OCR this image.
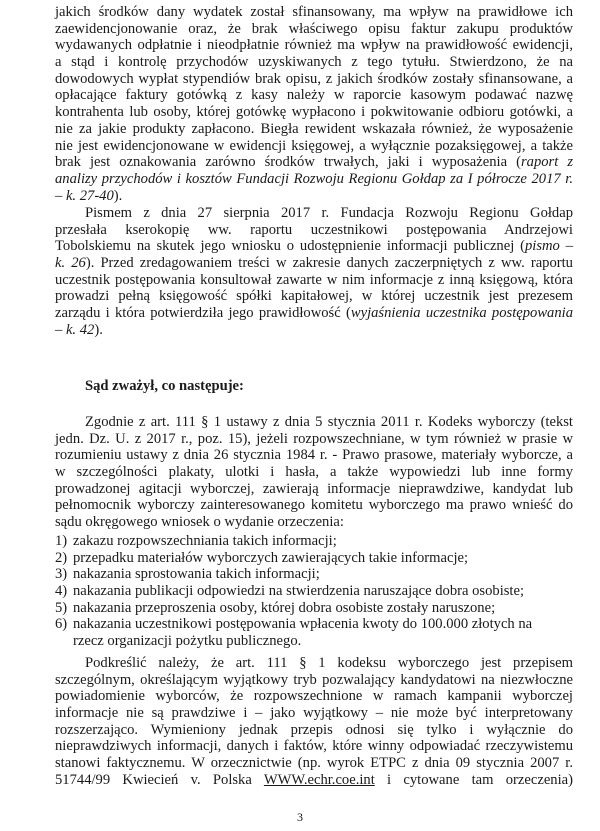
jakich środków dany wydatek został sfinansowany, ma wpływ na prawidłowe ich
zaewidencjonowanie oraz, że brak właściwego opisu faktur zakupu produktów
wydawanych odpłatnie i nieodpłatnie również ma wpływ na prawidłowość ewidencji,
a stąd i kontrolę przychodów uzyskiwanych z tego tytułu. Stwierdzono, że na
dowodowych wypłat stypendiów brak opisu, z jakich środków zostały sfinansowane, a
opłacające faktury gotówką z kasy należy w raporcie kasowym podawać nazwę
kontrahenta lub osoby, której gotówkę wypłacono i pokwitowanie odbioru gotówki, a
nie za jakie produkty zapłacono. Biegła rewident wskazała również, że wyposażenie
nie jest ewidencjonowane w ewidencji księgowej, a wyłącznie pozaksięgowej, a także
brak jest oznakowania zarówno środków trwałych, jaki i wyposażenia (raport z
analizy przychodów i kosztów Fundacji Rozwoju Regionu Gołdap za I półrocze 2017 r.
– k. 27-40).
Pismem z dnia 27 sierpnia 2017 r. Fundacja Rozwoju Regionu Gołdap
przesłała kserokopię ww. raportu uczestnikowi postępowania Andrzejowi
Tobolskiemu na skutek jego wniosku o udostępnienie informacji publicznej (pismo –
k. 26). Przed zredagowaniem treści w zakresie danych zaczerpniętych z ww. raportu
uczestnik postępowania konsultował zawarte w nim informacje z inną księgową, która
prowadzi pełną księgowość spółki kapitałowej, w której uczestnik jest prezesem
zarządu i która potwierdziła jego prawidłowość (wyjaśnienia uczestnika postępowania
– k. 42).
Sąd zważył, co następuje:
Zgodnie z art. 111 § 1 ustawy z dnia 5 stycznia 2011 r. Kodeks wyborczy (tekst
jedn. Dz. U. z 2017 r., poz. 15), jeżeli rozpowszechniane, w tym również w prasie w
rozumieniu ustawy z dnia 26 stycznia 1984 r. - Prawo prasowe, materiały wyborcze, a
w szczególności plakaty, ulotki i hasła, a także wypowiedzi lub inne formy
prowadzonej agitacji wyborczej, zawierają informacje nieprawdziwe, kandydat lub
pełnomocnik wyborczy zainteresowanego komitetu wyborczego ma prawo wnieść do
sądu okręgowego wniosek o wydanie orzeczenia:
1) zakazu rozpowszechniania takich informacji;
2) przepadku materiałów wyborczych zawierających takie informacje;
3) nakazania sprostowania takich informacji;
4) nakazania publikacji odpowiedzi na stwierdzenia naruszające dobra osobiste;
5) nakazania przeproszenia osoby, której dobra osobiste zostały naruszone;
6) nakazania uczestnikowi postępowania wpłacenia kwoty do 100.000 złotych na
rzecz organizacji pożytku publicznego.
Podkreślić należy, że art. 111 § 1 kodeksu wyborczego jest przepisem
szczególnym, określającym wyjątkowy tryb pozwalający kandydatowi na niezwłoczne
powiadomienie wyborców, że rozpowszechnione w ramach kampanii wyborczej
informacje nie są prawdziwe i – jako wyjątkowy – nie może być interpretowany
rozszerzająco. Wymieniony jednak przepis odnosi się tylko i wyłącznie do
nieprawdziwych informacji, danych i faktów, które winny odpowiadać rzeczywistemu
stanowi faktycznemu. W orzecznictwie (np. wyrok ETPC z dnia 09 stycznia 2007 r.
51744/99 Kwiecień v. Polska WWW.echr.coe.int i cytowane tam orzeczenia)
3
